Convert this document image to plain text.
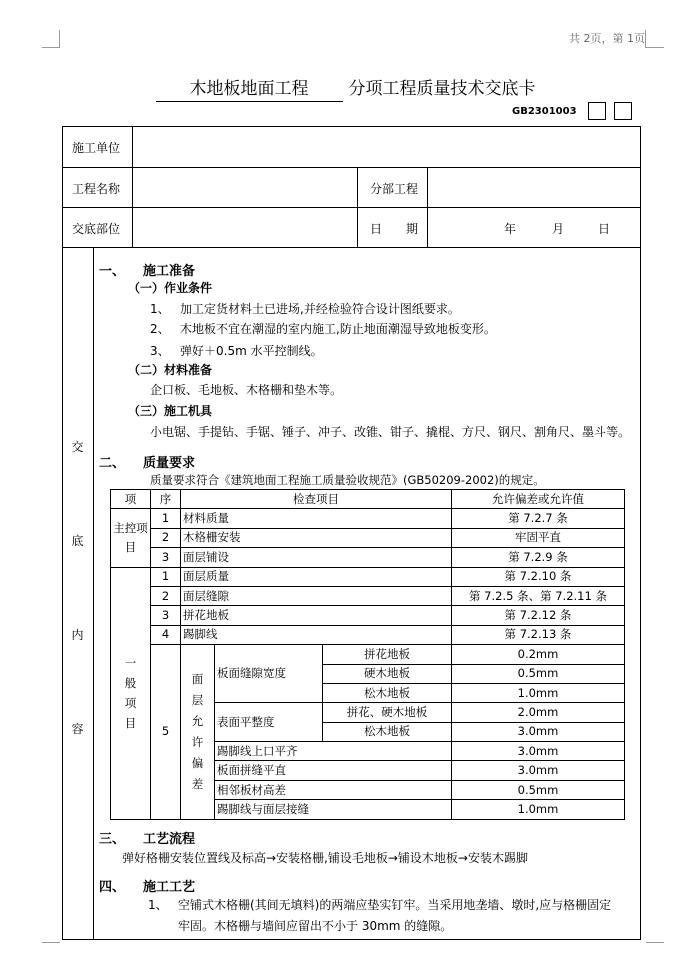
共 2页，第 1页
木地板地面工程 分项工程质量技术交底卡
GB2301003
施工单位
工程名称	分部工程
交底部位	日　　期	年	月	日
交
底
内
容
一、 施工准备
（一）作业条件
1、 加工定货材料土已进场,并经检验符合设计图纸要求。
2、 木地板不宜在潮湿的室内施工,防止地面潮湿导致地板变形。
3、 弹好＋0.5m 水平控制线。
（二）材料准备
企口板、毛地板、木格栅和垫木等。
（三）施工机具
小电锯、手提钻、手锯、锤子、冲子、改锥、钳子、撬棍、方尺、钢尺、割角尺、墨斗等。
二、 质量要求
质量要求符合《建筑地面工程施工质量验收规范》(GB50209-2002)的规定。
项	序	检查项目			允许偏差或允许值
主控项目	1	材料质量			第 7.2.7 条
	2	木格栅安装			牢固平直
	3	面层铺设			第 7.2.9 条
一般项目	1	面层质量			第 7.2.10 条
	2	面层缝隙			第 7.2.5 条、第 7.2.11 条
	3	拼花地板			第 7.2.12 条
	4	踢脚线			第 7.2.13 条
	5	面层允许偏差	板面缝隙宽度	拼花地板	0.2mm
				硬木地板	0.5mm
				松木地板	1.0mm
			表面平整度	拼花、硬木地板	2.0mm
				松木地板	3.0mm
			踢脚线上口平齐		3.0mm
			板面拼缝平直		3.0mm
			相邻板材高差		0.5mm
			踢脚线与面层接缝		1.0mm
三、 工艺流程
弹好格栅安装位置线及标高→安装格栅,铺设毛地板→铺设木地板→安装木踢脚
四、 施工工艺
1、 空铺式木格栅(其间无填料)的两端应垫实钉牢。当采用地垄墙、墩时,应与格栅固定
牢固。木格栅与墙间应留出不小于 30mm 的缝隙。
